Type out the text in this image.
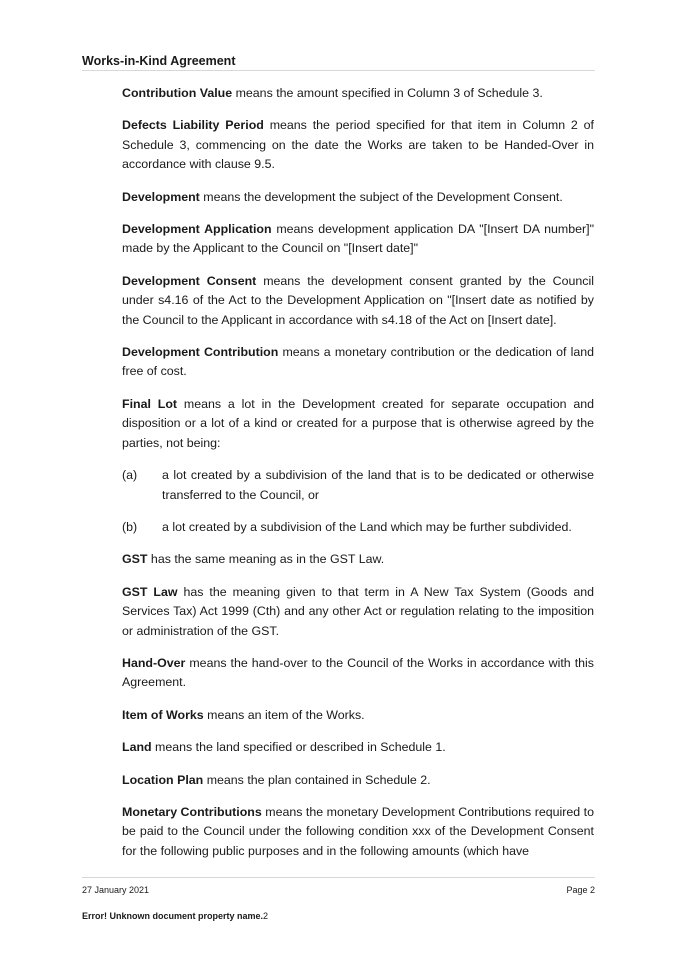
Works-in-Kind Agreement

Contribution Value means the amount specified in Column 3 of Schedule 3.

Defects Liability Period means the period specified for that item in Column 2 of Schedule 3, commencing on the date the Works are taken to be Handed-Over in accordance with clause 9.5.

Development means the development the subject of the Development Consent.

Development Application means development application DA "[Insert DA number]" made by the Applicant to the Council on "[Insert date]"

Development Consent means the development consent granted by the Council under s4.16 of the Act to the Development Application on "[Insert date as notified by the Council to the Applicant in accordance with s4.18 of the Act on [Insert date].

Development Contribution means a monetary contribution or the dedication of land free of cost.

Final Lot means a lot in the Development created for separate occupation and disposition or a lot of a kind or created for a purpose that is otherwise agreed by the parties, not being:

(a) a lot created by a subdivision of the land that is to be dedicated or otherwise transferred to the Council, or
(b) a lot created by a subdivision of the Land which may be further subdivided.

GST has the same meaning as in the GST Law.

GST Law has the meaning given to that term in A New Tax System (Goods and Services Tax) Act 1999 (Cth) and any other Act or regulation relating to the imposition or administration of the GST.

Hand-Over means the hand-over to the Council of the Works in accordance with this Agreement.

Item of Works means an item of the Works.

Land means the land specified or described in Schedule 1.

Location Plan means the plan contained in Schedule 2.

Monetary Contributions means the monetary Development Contributions required to be paid to the Council under the following condition xxx of the Development Consent for the following public purposes and in the following amounts (which have

27 January 2021	Page 2
Error! Unknown document property name.2
